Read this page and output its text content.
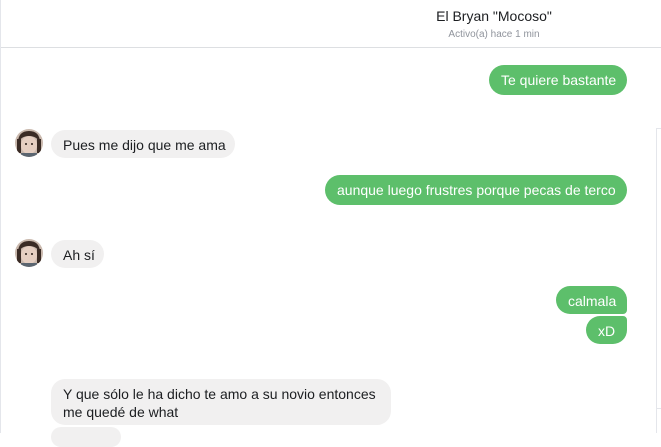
El Bryan "Mocoso"
Activo(a) hace 1 min
Te quiere bastante
Pues me dijo que me ama
aunque luego frustres porque pecas de terco
Ah sí
calmala
xD
Y que sólo le ha dicho te amo a su novio entonces
me quedé de what
